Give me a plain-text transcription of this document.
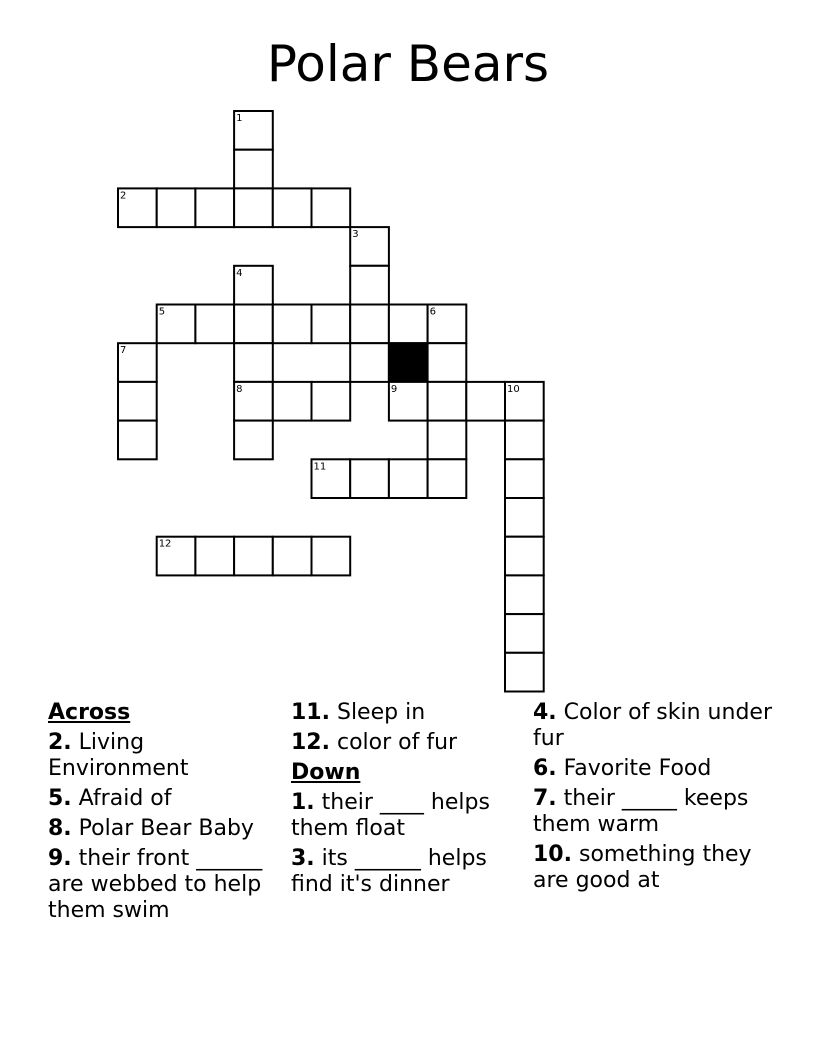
Polar Bears
1
2
3
4
5	6
7
8	9	10
11
12
Across
2. Living Environment
5. Afraid of
8. Polar Bear Baby
9. their front ______ are webbed to help them swim
11. Sleep in
12. color of fur
Down
1. their ____ helps them float
3. its ______ helps find it's dinner
4. Color of skin under fur
6. Favorite Food
7. their _____ keeps them warm
10. something they are good at
